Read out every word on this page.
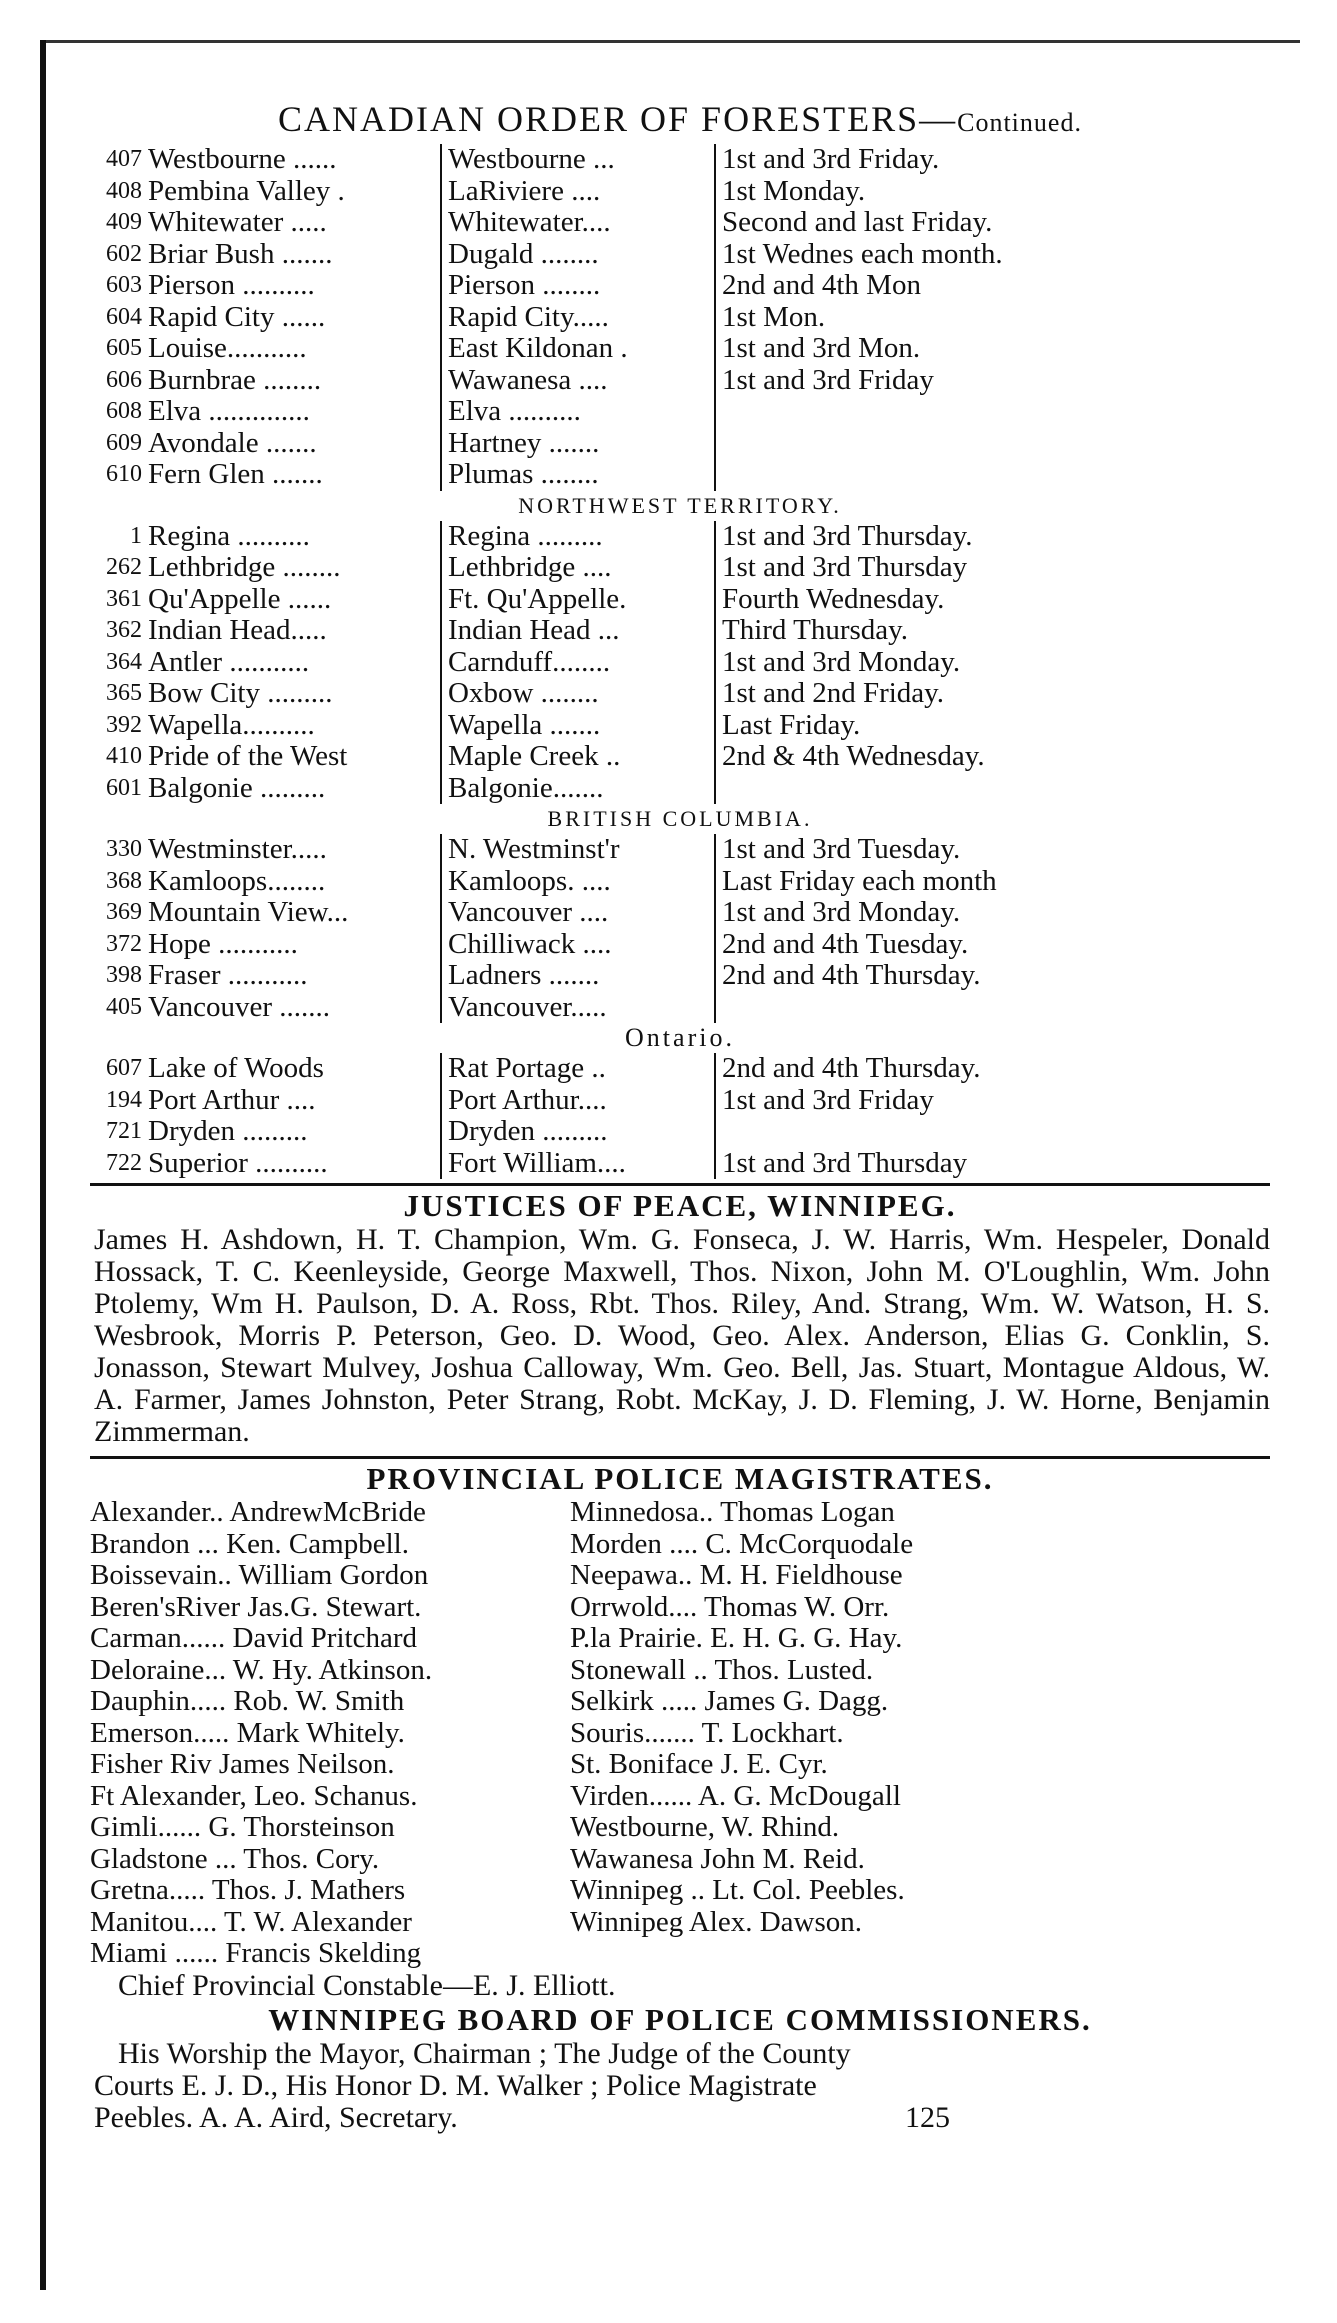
CANADIAN ORDER OF FORESTERS—Continued.
407 Westbourne ......	Westbourne ...	1st and 3rd Friday.
408 Pembina Valley .	LaRiviere ....	1st Monday.
409 Whitewater .....	Whitewater....	Second and last Friday.
602 Briar Bush .......	Dugald ........	1st Wednes each month.
603 Pierson ..........	Pierson ........	2nd and 4th Mon
604 Rapid City ......	Rapid City.....	1st Mon.
605 Louise...........	East Kildonan .	1st and 3rd Mon.
606 Burnbrae ........	Wawanesa ....	1st and 3rd Friday
608 Elva ..............	Elva ..........
609 Avondale .......	Hartney .......
610 Fern Glen .......	Plumas ........
NORTHWEST TERRITORY.
1 Regina ..........	Regina .........	1st and 3rd Thursday.
262 Lethbridge ........	Lethbridge ....	1st and 3rd Thursday
361 Qu'Appelle ......	Ft. Qu'Appelle.	Fourth Wednesday.
362 Indian Head.....	Indian Head ...	Third Thursday.
364 Antler ...........	Carnduff........	1st and 3rd Monday.
365 Bow City .........	Oxbow ........	1st and 2nd Friday.
392 Wapella..........	Wapella .......	Last Friday.
410 Pride of the West	Maple Creek ..	2nd & 4th Wednesday.
601 Balgonie .........	Balgonie.......
BRITISH COLUMBIA.
330 Westminster.....	N. Westminst'r	1st and 3rd Tuesday.
368 Kamloops........	Kamloops. ....	Last Friday each month
369 Mountain View...	Vancouver ....	1st and 3rd Monday.
372 Hope ...........	Chilliwack ....	2nd and 4th Tuesday.
398 Fraser ...........	Ladners .......	2nd and 4th Thursday.
405 Vancouver .......	Vancouver.....
Ontario.
607 Lake of Woods	Rat Portage ..	2nd and 4th Thursday.
194 Port Arthur ....	Port Arthur....	1st and 3rd Friday
721 Dryden .........	Dryden .........
722 Superior ..........	Fort William....	1st and 3rd Thursday
JUSTICES OF PEACE, WINNIPEG.
James H. Ashdown, H. T. Champion, Wm. G. Fonseca, J. W. Harris, Wm. Hespeler, Donald Hossack, T. C. Keenleyside, George Maxwell, Thos. Nixon, John M. O'Loughlin, Wm. John Ptolemy, Wm H. Paulson, D. A. Ross, Rbt. Thos. Riley, And. Strang, Wm. W. Watson, H. S. Wesbrook, Morris P. Peterson, Geo. D. Wood, Geo. Alex. Anderson, Elias G. Conklin, S. Jonasson, Stewart Mulvey, Joshua Calloway, Wm. Geo. Bell, Jas. Stuart, Montague Aldous, W. A. Farmer, James Johnston, Peter Strang, Robt. McKay, J. D. Fleming, J. W. Horne, Benjamin Zimmerman.
PROVINCIAL POLICE MAGISTRATES.
Alexander.. AndrewMcBride	Minnedosa.. Thomas Logan
Brandon ... Ken. Campbell.	Morden .... C. McCorquodale
Boissevain.. William Gordon	Neepawa.. M. H. Fieldhouse
Beren'sRiver Jas.G. Stewart.	Orrwold.... Thomas W. Orr.
Carman...... David Pritchard	P.la Prairie. E. H. G. G. Hay.
Deloraine... W. Hy. Atkinson.	Stonewall .. Thos. Lusted.
Dauphin..... Rob. W. Smith	Selkirk ..... James G. Dagg.
Emerson..... Mark Whitely.	Souris....... T. Lockhart.
Fisher Riv James Neilson.	St. Boniface J. E. Cyr.
Ft Alexander, Leo. Schanus.	Virden...... A. G. McDougall
Gimli...... G. Thorsteinson	Westbourne, W. Rhind.
Gladstone ... Thos. Cory.	Wawanesa John M. Reid.
Gretna..... Thos. J. Mathers	Winnipeg .. Lt. Col. Peebles.
Manitou.... T. W. Alexander	Winnipeg Alex. Dawson.
Miami ...... Francis Skelding
Chief Provincial Constable—E. J. Elliott.
WINNIPEG BOARD OF POLICE COMMISSIONERS.
His Worship the Mayor, Chairman ; The Judge of the County
Courts E. J. D., His Honor D. M. Walker ; Police Magistrate
Peebles. A. A. Aird, Secretary.	125
